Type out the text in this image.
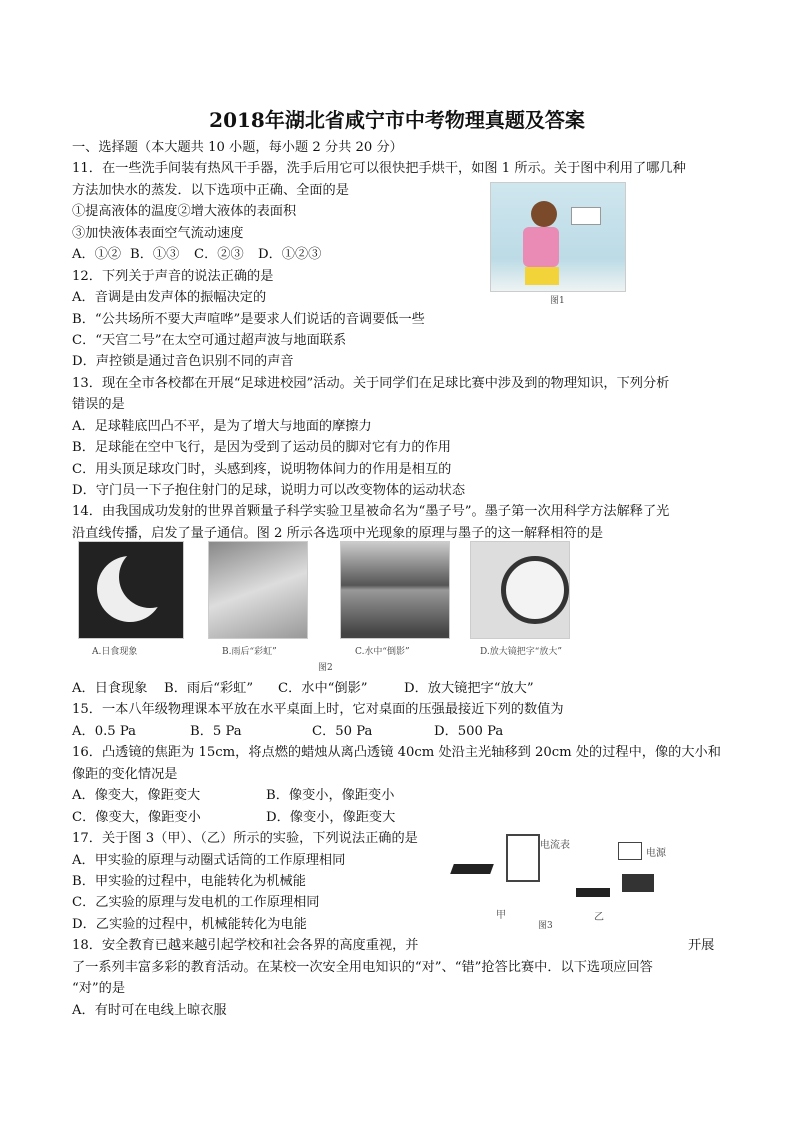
2018年湖北省咸宁市中考物理真题及答案
一、选择题（本大题共 10 小题，每小题 2 分共 20 分）
11．在一些洗手间装有热风干手器，洗手后用它可以很快把手烘干，如图 1 所示。关于图中利用了哪几种
方法加快水的蒸发．以下选项中正确、全面的是
①提高液体的温度②增大液体的表面积
③加快液体表面空气流动速度
A．①② B．①③	C．②③	D．①②③
12．下列关于声音的说法正确的是
A．音调是由发声体的振幅决定的
B．“公共场所不要大声喧哗”是要求人们说话的音调要低一些
C．“天宫二号”在太空可通过超声波与地面联系
D．声控锁是通过音色识别不同的声音
13．现在全市各校都在开展“足球进校园”活动。关于同学们在足球比赛中涉及到的物理知识，下列分析
错误的是
A．足球鞋底凹凸不平，是为了增大与地面的摩擦力
B．足球能在空中飞行，是因为受到了运动员的脚对它有力的作用
C．用头顶足球攻门时，头感到疼，说明物体间力的作用是相互的
D．守门员一下子抱住射门的足球，说明力可以改变物体的运动状态
14．由我国成功发射的世界首颗量子科学实验卫星被命名为“墨子号”。墨子第一次用科学方法解释了光
沿直线传播，启发了量子通信。图 2 所示各选项中光现象的原理与墨子的这一解释相符的是
图1
A.日食现象	B.雨后“彩虹”	C.水中“倒影”	D.放大镜把字“放大”
图2
电流表
电源
甲	乙
图3
A．日食现象	B．雨后“彩虹”	C．水中“倒影”	D．放大镜把字“放大”
15．一本八年级物理课本平放在水平桌面上时，它对桌面的压强最接近下列的数值为
A．0.5 Pa	B．5 Pa	C．50 Pa	D．500 Pa
16．凸透镜的焦距为 15cm，将点燃的蜡烛从离凸透镜 40cm 处沿主光轴移到 20cm 处的过程中，像的大小和
像距的变化情况是
A．像变大，像距变大	B．像变小，像距变小
C．像变大，像距变小	D．像变小，像距变大
17．关于图 3（甲）、（乙）所示的实验，下列说法正确的是
A．甲实验的原理与动圈式话筒的工作原理相同
B．甲实验的过程中，电能转化为机械能
C．乙实验的原理与发电机的工作原理相同
D．乙实验的过程中，机械能转化为电能
18．安全教育已越来越引起学校和社会各界的高度重视，并	开展
了一系列丰富多彩的教育活动。在某校一次安全用电知识的“对”、“错”抢答比赛中．以下选项应回答
“对”的是
A．有时可在电线上晾衣服
